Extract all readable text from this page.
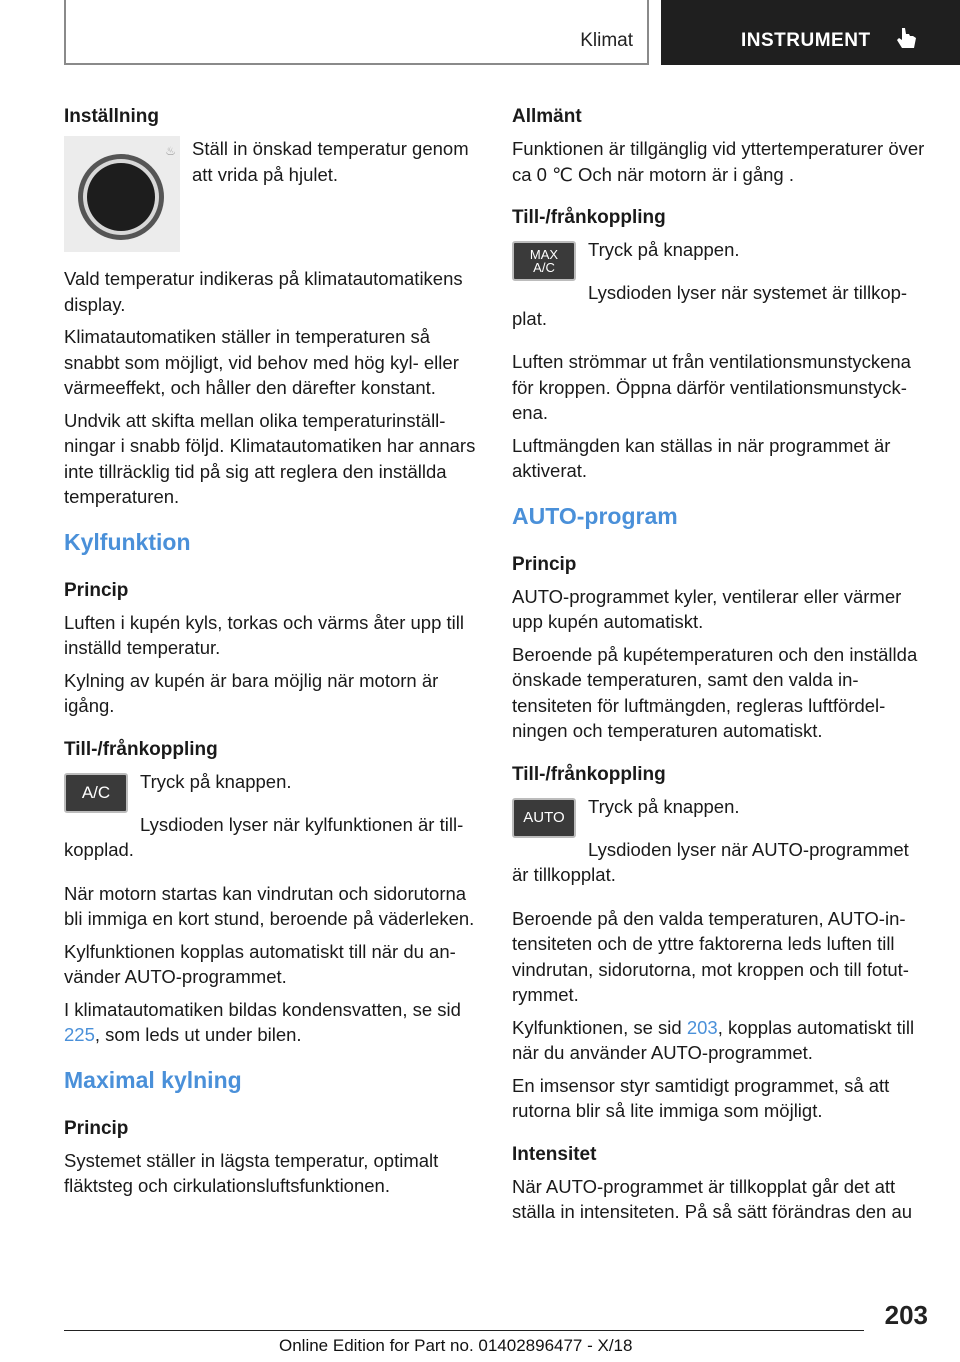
Klimat	INSTRUMENT
Inställning
♨ Ställ in önskad temperatur genom att vrida på hjulet.

Vald temperatur indikeras på klimatautomatikens display.

Klimatautomatiken ställer in temperaturen så snabbt som möjligt, vid behov med hög kyl- eller värmeeffekt, och håller den därefter konstant.

Undvik att skifta mellan olika temperaturinställningar i snabb följd. Klimatautomatiken har annars inte tillräcklig tid på sig att reglera den inställda temperaturen.

Kylfunktion
Princip

Luften i kupén kyls, torkas och värms åter upp till inställd temperatur.

Kylning av kupén är bara möjlig när motorn är igång.

Till-/frånkoppling
A/C

Tryck på knappen.

Lysdioden lyser när kylfunktionen är tillkopplad.

När motorn startas kan vindrutan och sidorutorna bli immiga en kort stund, beroende på väderleken.

Kylfunktionen kopplas automatiskt till när du använder AUTO-programmet.

I klimatautomatiken bildas kondensvatten, se sid 225, som leds ut under bilen.

Maximal kylning
Princip

Systemet ställer in lägsta temperatur, optimalt fläktsteg och cirkulationsluftsfunktionen.

Allmänt

Funktionen är tillgänglig vid yttertemperaturer över ca 0 ℃ Och när motorn är i gång .

Till-/frånkoppling
MAX
A/C

Tryck på knappen.

Lysdioden lyser när systemet är tillkopplat.

Luften strömmar ut från ventilationsmunstyckena för kroppen. Öppna därför ventilationsmunstyckena.

Luftmängden kan ställas in när programmet är aktiverat.

AUTO-program
Princip

AUTO-programmet kyler, ventilerar eller värmer upp kupén automatiskt.

Beroende på kupétemperaturen och den inställda önskade temperaturen, samt den valda intensiteten för luftmängden, regleras luftfördelningen och temperaturen automatiskt.

Till-/frånkoppling
AUTO

Tryck på knappen.

Lysdioden lyser när AUTO-programmet är tillkopplat.

Beroende på den valda temperaturen, AUTO-intensiteten och de yttre faktorerna leds luften till vindrutan, sidorutorna, mot kroppen och till fotutrymmet.

Kylfunktionen, se sid 203, kopplas automatiskt till när du använder AUTO-programmet.

En imsensor styr samtidigt programmet, så att rutorna blir så lite immiga som möjligt.

Intensitet

När AUTO-programmet är tillkopplat går det att ställa in intensiteten. På så sätt förändras den au

203
Online Edition for Part no. 01402896477 - X/18
